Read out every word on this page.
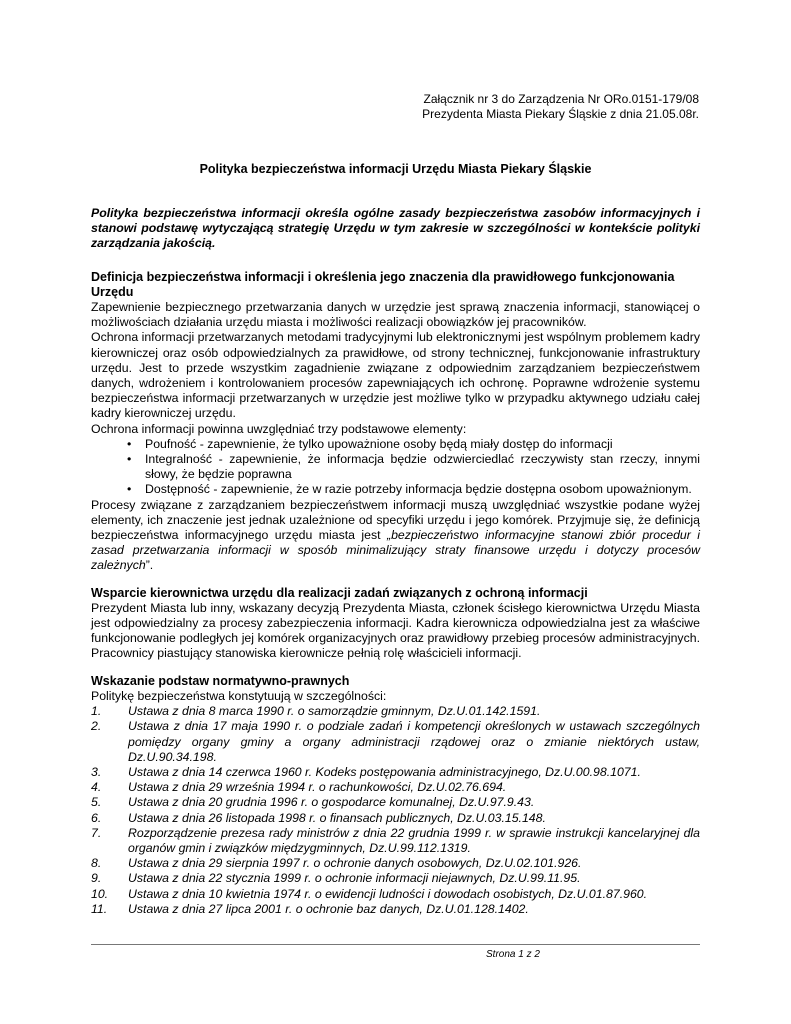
Załącznik nr 3 do Zarządzenia Nr ORo.0151-179/08
Prezydenta Miasta Piekary Śląskie z dnia 21.05.08r.
Polityka bezpieczeństwa informacji Urzędu Miasta Piekary Śląskie

Polityka bezpieczeństwa informacji określa ogólne zasady bezpieczeństwa zasobów informacyjnych i stanowi podstawę wytyczającą strategię Urzędu w tym zakresie w szczególności w kontekście polityki zarządzania jakością.

Definicja bezpieczeństwa informacji i określenia jego znaczenia dla prawidłowego funkcjonowania Urzędu

Zapewnienie bezpiecznego przetwarzania danych w urzędzie jest sprawą znaczenia informacji, stanowiącej o możliwościach działania urzędu miasta i możliwości realizacji obowiązków jej pracowników.

Ochrona informacji przetwarzanych metodami tradycyjnymi lub elektronicznymi jest wspólnym problemem kadry kierowniczej oraz osób odpowiedzialnych za prawidłowe, od strony technicznej, funkcjonowanie infrastruktury urzędu. Jest to przede wszystkim zagadnienie związane z odpowiednim zarządzaniem bezpieczeństwem danych, wdrożeniem i kontrolowaniem procesów zapewniających ich ochronę. Poprawne wdrożenie systemu bezpieczeństwa informacji przetwarzanych w urzędzie jest możliwe tylko w przypadku aktywnego udziału całej kadry kierowniczej urzędu.

Ochrona informacji powinna uwzględniać trzy podstawowe elementy:

• Poufność - zapewnienie, że tylko upoważnione osoby będą miały dostęp do informacji
• Integralność - zapewnienie, że informacja będzie odzwierciedlać rzeczywisty stan rzeczy, innymi słowy, że będzie poprawna
• Dostępność - zapewnienie, że w razie potrzeby informacja będzie dostępna osobom upoważnionym.

Procesy związane z zarządzaniem bezpieczeństwem informacji muszą uwzględniać wszystkie podane wyżej elementy, ich znaczenie jest jednak uzależnione od specyfiki urzędu i jego komórek. Przyjmuje się, że definicją bezpieczeństwa informacyjnego urzędu miasta jest „bezpieczeństwo informacyjne stanowi zbiór procedur i zasad przetwarzania informacji w sposób minimalizujący straty finansowe urzędu i dotyczy procesów zależnych”.

Wsparcie kierownictwa urzędu dla realizacji zadań związanych z ochroną informacji

Prezydent Miasta lub inny, wskazany decyzją Prezydenta Miasta, członek ścisłego kierownictwa Urzędu Miasta jest odpowiedzialny za procesy zabezpieczenia informacji. Kadra kierownicza odpowiedzialna jest za właściwe funkcjonowanie podległych jej komórek organizacyjnych oraz prawidłowy przebieg procesów administracyjnych. Pracownicy piastujący stanowiska kierownicze pełnią rolę właścicieli informacji.

Wskazanie podstaw normatywno-prawnych

Politykę bezpieczeństwa konstytuują w szczególności:

1. Ustawa z dnia 8 marca 1990 r. o samorządzie gminnym, Dz.U.01.142.1591.
2. Ustawa z dnia 17 maja 1990 r. o podziale zadań i kompetencji określonych w ustawach szczególnych pomiędzy organy gminy a organy administracji rządowej oraz o zmianie niektórych ustaw, Dz.U.90.34.198.
3. Ustawa z dnia 14 czerwca 1960 r. Kodeks postępowania administracyjnego, Dz.U.00.98.1071.
4. Ustawa z dnia 29 września 1994 r. o rachunkowości, Dz.U.02.76.694.
5. Ustawa z dnia 20 grudnia 1996 r. o gospodarce komunalnej, Dz.U.97.9.43.
6. Ustawa z dnia 26 listopada 1998 r. o finansach publicznych, Dz.U.03.15.148.
7. Rozporządzenie prezesa rady ministrów z dnia 22 grudnia 1999 r. w sprawie instrukcji kancelaryjnej dla organów gmin i związków międzygminnych, Dz.U.99.112.1319.
8. Ustawa z dnia 29 sierpnia 1997 r. o ochronie danych osobowych, Dz.U.02.101.926.
9. Ustawa z dnia 22 stycznia 1999 r. o ochronie informacji niejawnych, Dz.U.99.11.95.
10. Ustawa z dnia 10 kwietnia 1974 r. o ewidencji ludności i dowodach osobistych, Dz.U.01.87.960.
11. Ustawa z dnia 27 lipca 2001 r. o ochronie baz danych, Dz.U.01.128.1402.
Strona 1 z 2
